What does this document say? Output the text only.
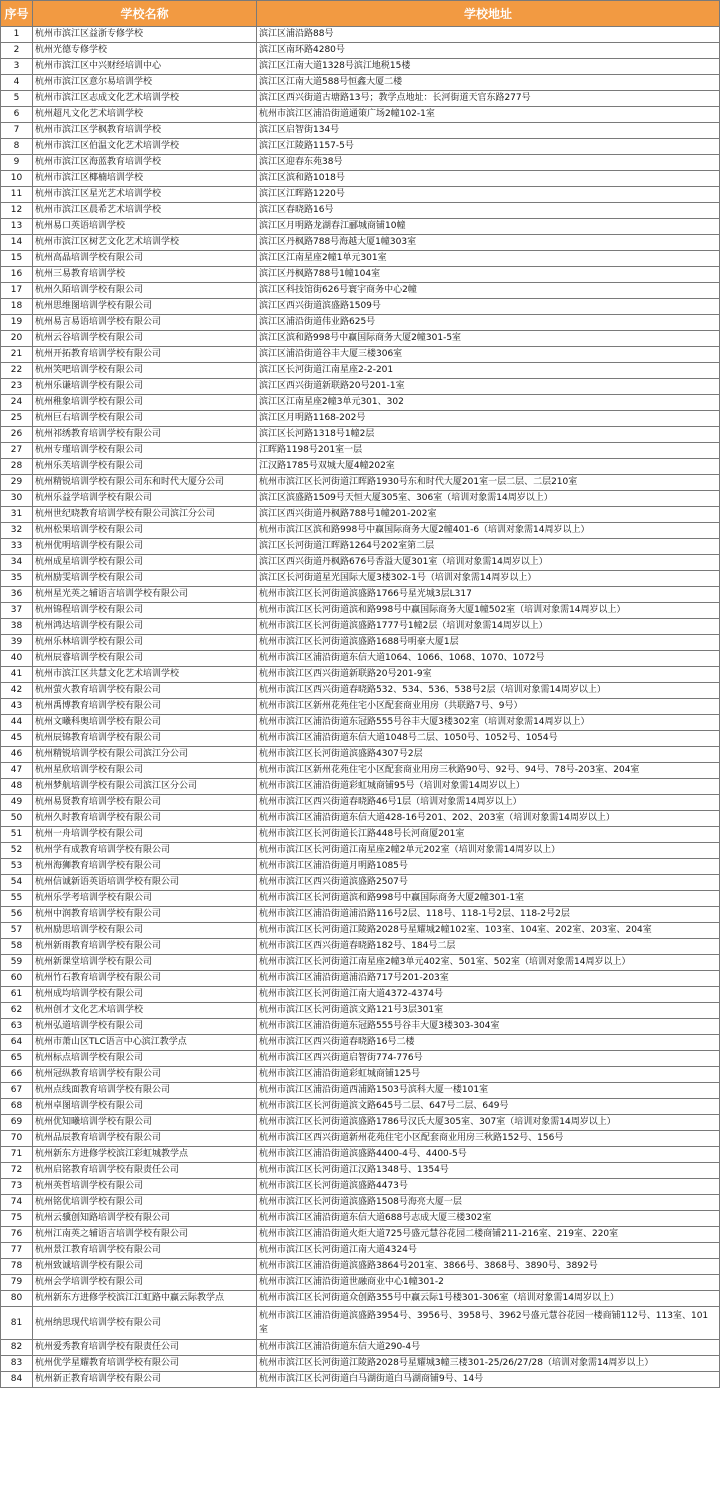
序号	学校名称	学校地址
1	杭州市滨江区益浙专修学校	滨江区浦沿路88号
2	杭州光德专修学校	滨江区南环路4280号
3	杭州市滨江区中兴财经培训中心	滨江区江南大道1328号滨江地税15楼
4	杭州市滨江区意尔易培训学校	滨江区江南大道588号恒鑫大厦二楼
5	杭州市滨江区志成文化艺术培训学校	滨江区西兴街道古塘路13号；教学点地址：长河街道天官东路277号
6	杭州超凡文化艺术培训学校	杭州市滨江区浦沿街道通策广场2幢102-1室
7	杭州市滨江区学枫教育培训学校	滨江区启智街134号
8	杭州市滨江区伯温文化艺术培训学校	滨江区江陵路1157-5号
9	杭州市滨江区海蓝教育培训学校	滨江区迎春东苑38号
10	杭州市滨江区椰楠培训学校	滨江区滨和路1018号
11	杭州市滨江区星光艺术培训学校	滨江区江晖路1220号
12	杭州市滨江区晨希艺术培训学校	滨江区春晓路16号
13	杭州易口英语培训学校	滨江区月明路龙湖春江郦城商铺10幢
14	杭州市滨江区树艺文化艺术培训学校	滨江区丹枫路788号海越大厦1幢303室
15	杭州高晶培训学校有限公司	滨江区江南星座2幢1单元301室
16	杭州三易教育培训学校	滨江区丹枫路788号1幢104室
17	杭州久陌培训学校有限公司	滨江区科技馆街626号寰宇商务中心2幢
18	杭州思维图培训学校有限公司	滨江区西兴街道滨盛路1509号
19	杭州易言易语培训学校有限公司	滨江区浦沿街道伟业路625号
20	杭州云谷培训学校有限公司	滨江区滨和路998号中赢国际商务大厦2幢301-5室
21	杭州开拓教育培训学校有限公司	滨江区浦沿街道谷丰大厦三楼306室
22	杭州笑吧培训学校有限公司	滨江区长河街道江南星座2-2-201
23	杭州乐谦培训学校有限公司	滨江区西兴街道新联路20号201-1室
24	杭州稚象培训学校有限公司	滨江区江南星座2幢3单元301、302
25	杭州巨右培训学校有限公司	滨江区月明路1168-202号
26	杭州祁绣教育培训学校有限公司	滨江区长河路1318号1幢2层
27	杭州专瑾培训学校有限公司	江晖路1198号201室一层
28	杭州乐芙培训学校有限公司	江汉路1785号双城大厦4幢202室
29	杭州精锐培训学校有限公司东和时代大厦分公司	杭州市滨江区长河街道江晖路1930号东和时代大厦201室一层二层、二层210室
30	杭州乐益学培训学校有限公司	滨江区滨盛路1509号天恒大厦305室、306室（培训对象需14周岁以上）
31	杭州世纪晓教育培训学校有限公司滨江分公司	滨江区西兴街道丹枫路788号1幢201-202室
32	杭州松果培训学校有限公司	杭州市滨江区滨和路998号中赢国际商务大厦2幢401-6（培训对象需14周岁以上）
33	杭州优明培训学校有限公司	滨江区长河街道江晖路1264号202室第二层
34	杭州成星培训学校有限公司	滨江区西兴街道丹枫路676号香溢大厦301室（培训对象需14周岁以上）
35	杭州励雯培训学校有限公司	滨江区长河街道星光国际大厦3楼302-1号（培训对象需14周岁以上）
36	杭州星光英之辅语言培训学校有限公司	杭州市滨江区长河街道滨盛路1766号星光城3层L317
37	杭州锦程培训学校有限公司	杭州市滨江区长河街道滨和路998号中赢国际商务大厦1幢502室（培训对象需14周岁以上）
38	杭州鸿达培训学校有限公司	杭州市滨江区长河街道滨盛路1777号1幢2层（培训对象需14周岁以上）
39	杭州乐林培训学校有限公司	杭州市滨江区长河街道滨盛路1688号明豪大厦1层
40	杭州辰睿培训学校有限公司	杭州市滨江区浦沿街道东信大道1064、1066、1068、1070、1072号
41	杭州市滨江区共慧文化艺术培训学校	杭州市滨江区西兴街道新联路20号201-9室
42	杭州萤火教育培训学校有限公司	杭州市滨江区西兴街道春晓路532、534、536、538号2层（培训对象需14周岁以上）
43	杭州禹博教育培训学校有限公司	杭州市滨江区新州花苑住宅小区配套商业用房（共联路7号、9号）
44	杭州文曦科奥培训学校有限公司	杭州市滨江区浦沿街道东冠路555号谷丰大厦3楼302室（培训对象需14周岁以上）
45	杭州辰锦教育培训学校有限公司	杭州市滨江区浦沿街道东信大道1048号二层、1050号、1052号、1054号
46	杭州精锐培训学校有限公司滨江分公司	杭州市滨江区长河街道滨盛路4307号2层
47	杭州星欣培训学校有限公司	杭州市滨江区新州花苑住宅小区配套商业用房三秋路90号、92号、94号、78号-203室、204室
48	杭州梦航培训学校有限公司滨江区分公司	杭州市滨江区浦沿街道彩虹城商铺95号（培训对象需14周岁以上）
49	杭州易贤教育培训学校有限公司	杭州市滨江区西兴街道春晓路46号1层（培训对象需14周岁以上）
50	杭州久时教育培训学校有限公司	杭州市滨江区浦沿街道东信大道428-16号201、202、203室（培训对象需14周岁以上）
51	杭州一舟培训学校有限公司	杭州市滨江区长河街道长江路448号长河商厦201室
52	杭州学有成教育培训学校有限公司	杭州市滨江区长河街道江南星座2幢2单元202室（培训对象需14周岁以上）
53	杭州海狮教育培训学校有限公司	杭州市滨江区浦沿街道月明路1085号
54	杭州信诚新语英语培训学校有限公司	杭州市滨江区西兴街道滨盛路2507号
55	杭州乐学考培训学校有限公司	杭州市滨江区长河街道滨和路998号中赢国际商务大厦2幢301-1室
56	杭州中润教育培训学校有限公司	杭州市滨江区浦沿街道浦沿路116号2层、118号、118-1号2层、118-2号2层
57	杭州励思培训学校有限公司	杭州市滨江区长河街道江陵路2028号星耀城2幢102室、103室、104室、202室、203室、204室
58	杭州新雨教育培训学校有限公司	杭州市滨江区西兴街道春晓路182号、184号二层
59	杭州新课堂培训学校有限公司	杭州市滨江区长河街道江南星座2幢3单元402室、501室、502室（培训对象需14周岁以上）
60	杭州竹石教育培训学校有限公司	杭州市滨江区浦沿街道浦沿路717号201-203室
61	杭州成均培训学校有限公司	杭州市滨江区长河街道江南大道4372-4374号
62	杭州创才文化艺术培训学校	杭州市滨江区长河街道滨文路121号3层301室
63	杭州弘道培训学校有限公司	杭州市滨江区浦沿街道东冠路555号谷丰大厦3楼303-304室
64	杭州市萧山区TLC语言中心滨江教学点	杭州市滨江区西兴街道春晓路16号二楼
65	杭州标点培训学校有限公司	杭州市滨江区西兴街道启智街774-776号
66	杭州冠纵教育培训学校有限公司	杭州市滨江区浦沿街道彩虹城商铺125号
67	杭州点线面教育培训学校有限公司	杭州市滨江区浦沿街道西浦路1503号滨科大厦一楼101室
68	杭州卓图培训学校有限公司	杭州市滨江区长河街道滨文路645号二层、647号二层、649号
69	杭州优知曦培训学校有限公司	杭州市滨江区长河街道滨盛路1786号汉氏大厦305室、307室（培训对象需14周岁以上）
70	杭州品辰教育培训学校有限公司	杭州市滨江区西兴街道新州花苑住宅小区配套商业用房三秋路152号、156号
71	杭州新东方进修学校滨江彩虹城教学点	杭州市滨江区浦沿街道滨盛路4400-4号、4400-5号
72	杭州启铭教育培训学校有限责任公司	杭州市滨江区长河街道江汉路1348号、1354号
73	杭州英哲培训学校有限公司	杭州市滨江区长河街道滨盛路4473号
74	杭州铭优培训学校有限公司	杭州市滨江区长河街道滨盛路1508号海亮大厦一层
75	杭州云骥创知路培训学校有限公司	杭州市滨江区浦沿街道东信大道688号志成大厦三楼302室
76	杭州江南英之辅语言培训学校有限公司	杭州市滨江区浦沿街道火炬大道725号盛元慧谷花园二楼商铺211-216室、219室、220室
77	杭州景江教育培训学校有限公司	杭州市滨江区长河街道江南大道4324号
78	杭州致诚培训学校有限公司	杭州市滨江区浦沿街道滨盛路3864号201室、3866号、3868号、3890号、3892号
79	杭州会学培训学校有限公司	杭州市滨江区浦沿街道世融商业中心1幢301-2
80	杭州新东方进修学校滨江江虹路中赢云际教学点	杭州市滨江区长河街道众创路355号中赢云际1号楼301-306室（培训对象需14周岁以上）
81	杭州纳思现代培训学校有限公司	杭州市滨江区浦沿街道滨盛路3954号、3956号、3958号、3962号盛元慧谷花园一楼商铺112号、113室、101室
82	杭州爱秀教育培训学校有限责任公司	杭州市滨江区浦沿街道东信大道290-4号
83	杭州优学星耀教育培训学校有限公司	杭州市滨江区长河街道江陵路2028号星耀城3幢三楼301-25/26/27/28（培训对象需14周岁以上）
84	杭州新正教育培训学校有限公司	杭州市滨江区长河街道白马湖街道白马湖商铺9号、14号
